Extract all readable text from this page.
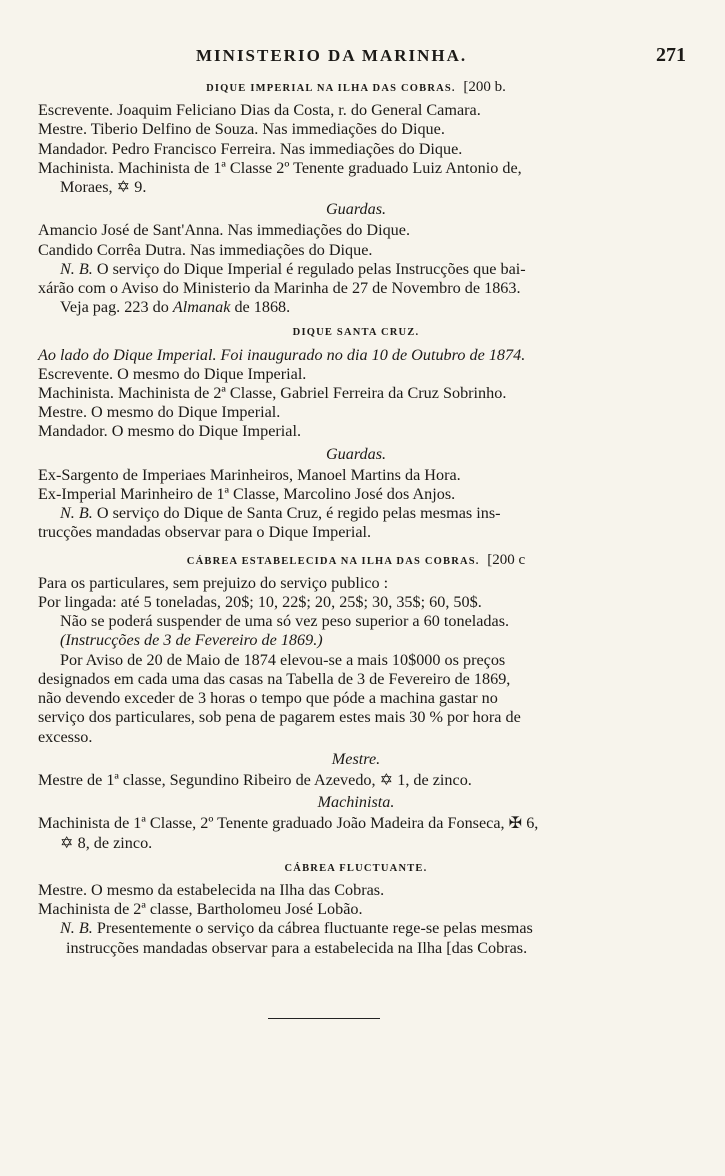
MINISTERIO DA MARINHA.	271
DIQUE IMPERIAL NA ILHA DAS COBRAS. [200 b.
Escrevente. Joaquim Feliciano Dias da Costa, r. do General Camara.
Mestre. Tiberio Delfino de Souza. Nas immediações do Dique.
Mandador. Pedro Francisco Ferreira. Nas immediações do Dique.
Machinista. Machinista de 1ª Classe 2º Tenente graduado Luiz Antonio de,
Moraes, ✡ 9.
Guardas.
Amancio José de Sant'Anna. Nas immediações do Dique.
Candido Corrêa Dutra. Nas immediações do Dique.
N. B. O serviço do Dique Imperial é regulado pelas Instrucções que bai-
xárão com o Aviso do Ministerio da Marinha de 27 de Novembro de 1863.
Veja pag. 223 do Almanak de 1868.
DIQUE SANTA CRUZ.
Ao lado do Dique Imperial. Foi inaugurado no dia 10 de Outubro de 1874.
Escrevente. O mesmo do Dique Imperial.
Machinista. Machinista de 2ª Classe, Gabriel Ferreira da Cruz Sobrinho.
Mestre. O mesmo do Dique Imperial.
Mandador. O mesmo do Dique Imperial.
Guardas.
Ex-Sargento de Imperiaes Marinheiros, Manoel Martins da Hora.
Ex-Imperial Marinheiro de 1ª Classe, Marcolino José dos Anjos.
N. B. O serviço do Dique de Santa Cruz, é regido pelas mesmas ins-
trucções mandadas observar para o Dique Imperial.
CÁBREA ESTABELECIDA NA ILHA DAS COBRAS. [200 c
Para os particulares, sem prejuizo do serviço publico :
Por lingada: até 5 toneladas, 20$; 10, 22$; 20, 25$; 30, 35$; 60, 50$.
Não se poderá suspender de uma só vez peso superior a 60 toneladas.
(Instrucções de 3 de Fevereiro de 1869.)
Por Aviso de 20 de Maio de 1874 elevou-se a mais 10$000 os preços
designados em cada uma das casas na Tabella de 3 de Fevereiro de 1869,
não devendo exceder de 3 horas o tempo que póde a machina gastar no
serviço dos particulares, sob pena de pagarem estes mais 30 % por hora de
excesso.
Mestre.
Mestre de 1ª classe, Segundino Ribeiro de Azevedo, ✡ 1, de zinco.
Machinista.
Machinista de 1ª Classe, 2º Tenente graduado João Madeira da Fonseca, ✠ 6,
✡ 8, de zinco.
CÁBREA FLUCTUANTE.
Mestre. O mesmo da estabelecida na Ilha das Cobras.
Machinista de 2ª classe, Bartholomeu José Lobão.
N. B. Presentemente o serviço da cábrea fluctuante rege-se pelas mesmas
instrucções mandadas observar para a estabelecida na Ilha [das Cobras.
